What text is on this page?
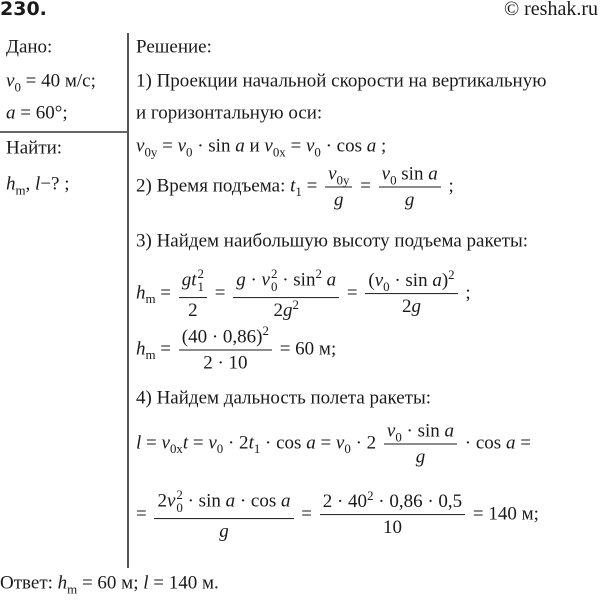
230.	© reshak.ru
Дано:
$v_0 = 40$ м/с;
a = 60°;
Найти:
$h_m$, l−? ;
Решение:
1) Проекции начальной скорости на вертикальную
и горизонтальную оси:
$v_{0y} = v_0 \cdot \sin a$ и $v_{0x} = v_0 \cdot \cos a$ ;
2) Время подъема: $t_1 = \frac{v_{0y}}{g} = \frac{v_0 \sin a}{g}$ ;
3) Найдем наибольшую высоту подъема ракеты:
$h_m$ = gt 2
1
2 = g · v 2
$0 \cdot \sin^2 a$
$2g^2 = \frac{(v_0 \cdot \sin a)^2}{2g}$ ;
$h_m = \frac{(40 \cdot 0,86)^2}{2 \cdot 10} = 60$ м;
4) Найдем дальность полета ракеты:
$l = v_{0x}t = v_0 \cdot 2t_1 \cdot \cos a = v_0 \cdot 2 \frac{v_0 \cdot \sin a}{g} \cdot \cos a$ =
= 2v 2
0 · sin a · cos a
$g = \frac{2 \cdot 40^2 \cdot 0,86 \cdot 0,5}{10} = 140$ м;
Ответ: $h_m = 60$ м; l = 140 м.
